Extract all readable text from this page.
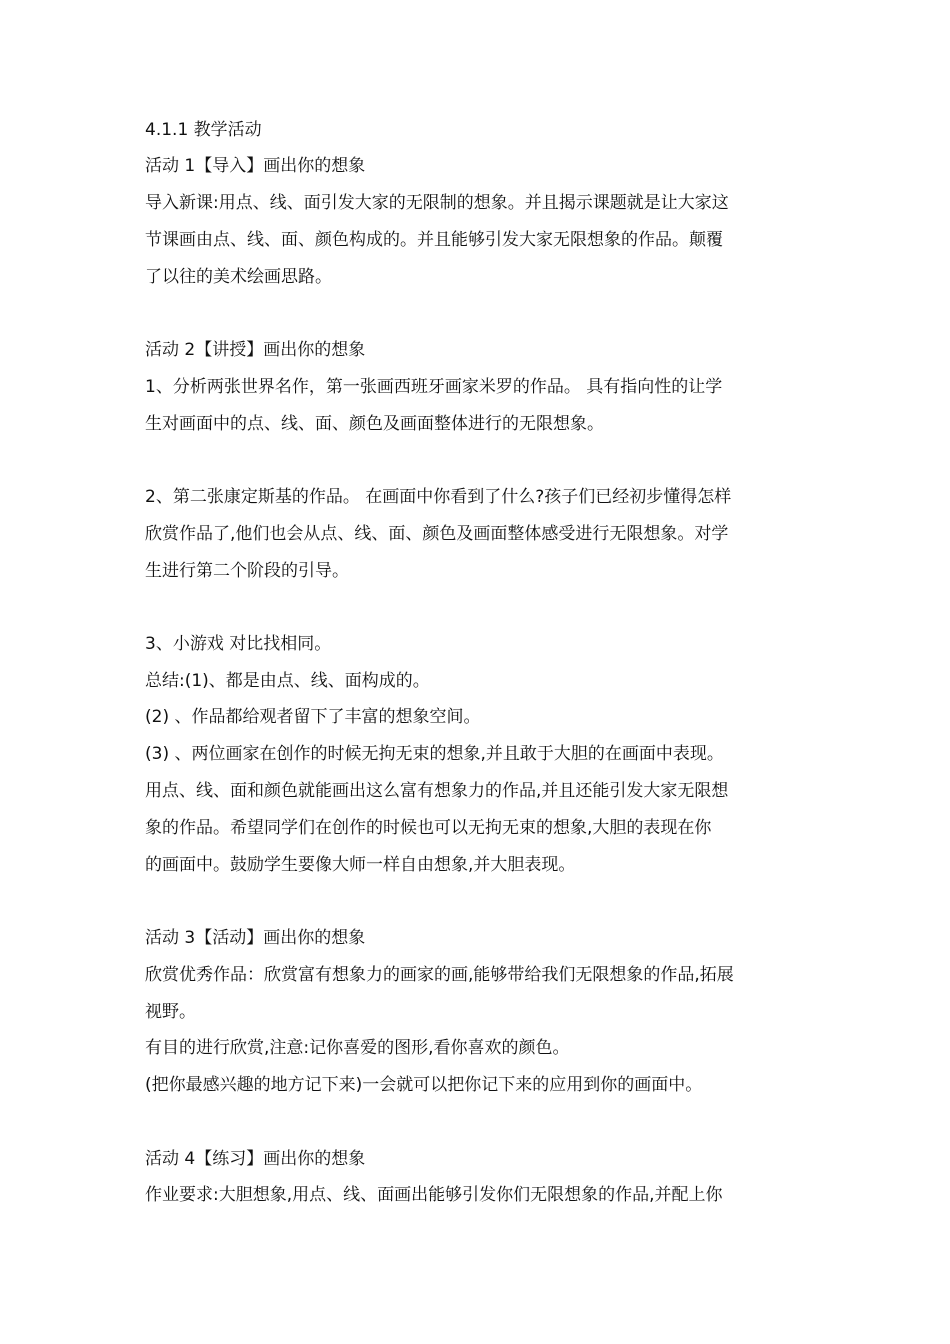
4.1.1 教学活动
活动 1【导入】画出你的想象
导入新课:用点、线、面引发大家的无限制的想象。并且揭示课题就是让大家这
节课画由点、线、面、颜色构成的。并且能够引发大家无限想象的作品。颠覆
了以往的美术绘画思路。
活动 2【讲授】画出你的想象
1、分析两张世界名作，第一张画西班牙画家米罗的作品。 具有指向性的让学
生对画面中的点、线、面、颜色及画面整体进行的无限想象。
2、第二张康定斯基的作品。 在画面中你看到了什么?孩子们已经初步懂得怎样
欣赏作品了,他们也会从点、线、面、颜色及画面整体感受进行无限想象。对学
生进行第二个阶段的引导。
3、小游戏 对比找相同。
总结:(1)、都是由点、线、面构成的。
(2) 、作品都给观者留下了丰富的想象空间。
(3) 、两位画家在创作的时候无拘无束的想象,并且敢于大胆的在画面中表现。
用点、线、面和颜色就能画出这么富有想象力的作品,并且还能引发大家无限想
象的作品。希望同学们在创作的时候也可以无拘无束的想象,大胆的表现在你
的画面中。鼓励学生要像大师一样自由想象,并大胆表现。
活动 3【活动】画出你的想象
欣赏优秀作品：欣赏富有想象力的画家的画,能够带给我们无限想象的作品,拓展
视野。
有目的进行欣赏,注意:记你喜爱的图形,看你喜欢的颜色。
(把你最感兴趣的地方记下来)一会就可以把你记下来的应用到你的画面中。
活动 4【练习】画出你的想象
作业要求:大胆想象,用点、线、面画出能够引发你们无限想象的作品,并配上你
